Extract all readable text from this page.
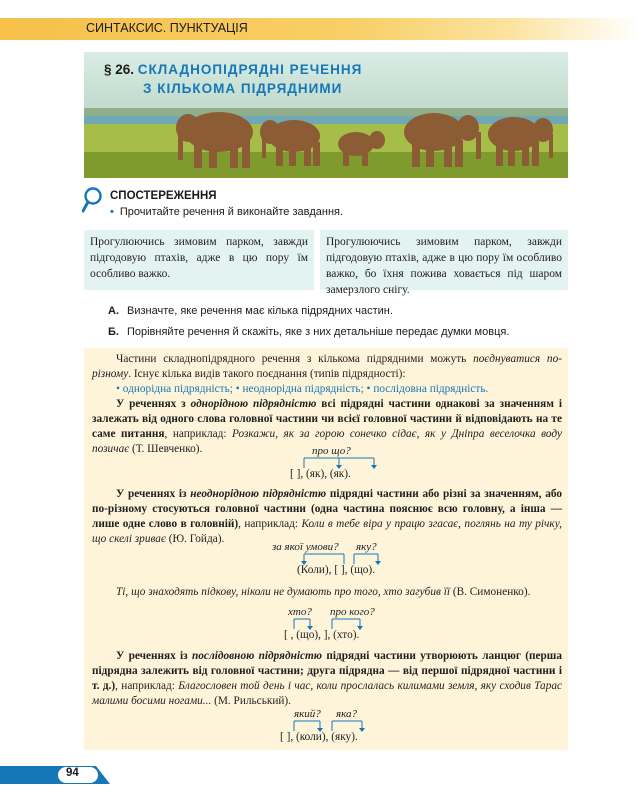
СИНТАКСИС. ПУНКТУАЦІЯ
§ 26. СКЛАДНОПІДРЯДНІ РЕЧЕННЯ
З КІЛЬКОМА ПІДРЯДНИМИ
СПОСТЕРЕЖЕННЯ
• Прочитайте речення й виконайте завдання.
Прогулюючись зимовим парком, завжди підгодовую птахів, адже в цю пору їм особливо важко.
Прогулюючись зимовим парком, завжди підгодовую птахів, адже в цю пору їм особливо важко, бо їхня пожива ховається під шаром замерзлого снігу.
А. Визначте, яке речення має кілька підрядних частин.
Б. Порівняйте речення й скажіть, яке з них детальніше передає думки мовця.

Частини складнопідрядного речення з кількома підрядними можуть поєднуватися по-різному. Існує кілька видів такого поєднання (типів підрядності):

• однорідна підрядність; • неоднорідна підрядність; • послідовна підрядність.

У реченнях з однорідною підрядністю всі підрядні частини однакові за значенням і залежать від одного слова головної частини чи всієї головної частини й відповідають на те саме питання, наприклад: Розкажи, як за горою сонечко сідає, як у Дніпра веселочка воду позичає (Т. Шевченко).	про що?
[ ], (як), (як).

У реченнях із неоднорідною підрядністю підрядні частини або різні за значенням, або по-різному стосуються головної частини (одна частина пояснює всю головну, а інша — лише одне слово в головній), наприклад: Коли в тебе віра у працю згасає, поглянь на ту річку, що скелі зриває (Ю. Гойда).

за якої умови? яку?
(Коли), [ ], (що).

Ті, що знаходять підкову, ніколи не думають про того, хто загубив її (В. Симоненко).

хто? про кого?
[ , (що), ], (хто).

У реченнях із послідовною підрядністю підрядні частини утворюють ланцюг (перша підрядна залежить від головної частини; друга підрядна — від першої підрядної частини і т. д.), наприклад: Благословен той день і час, коли прослалась килимами земля, яку сходив Тарас малими босими ногами... (М. Рильський).

який? яка?
[ ], (коли), (яку).
94
